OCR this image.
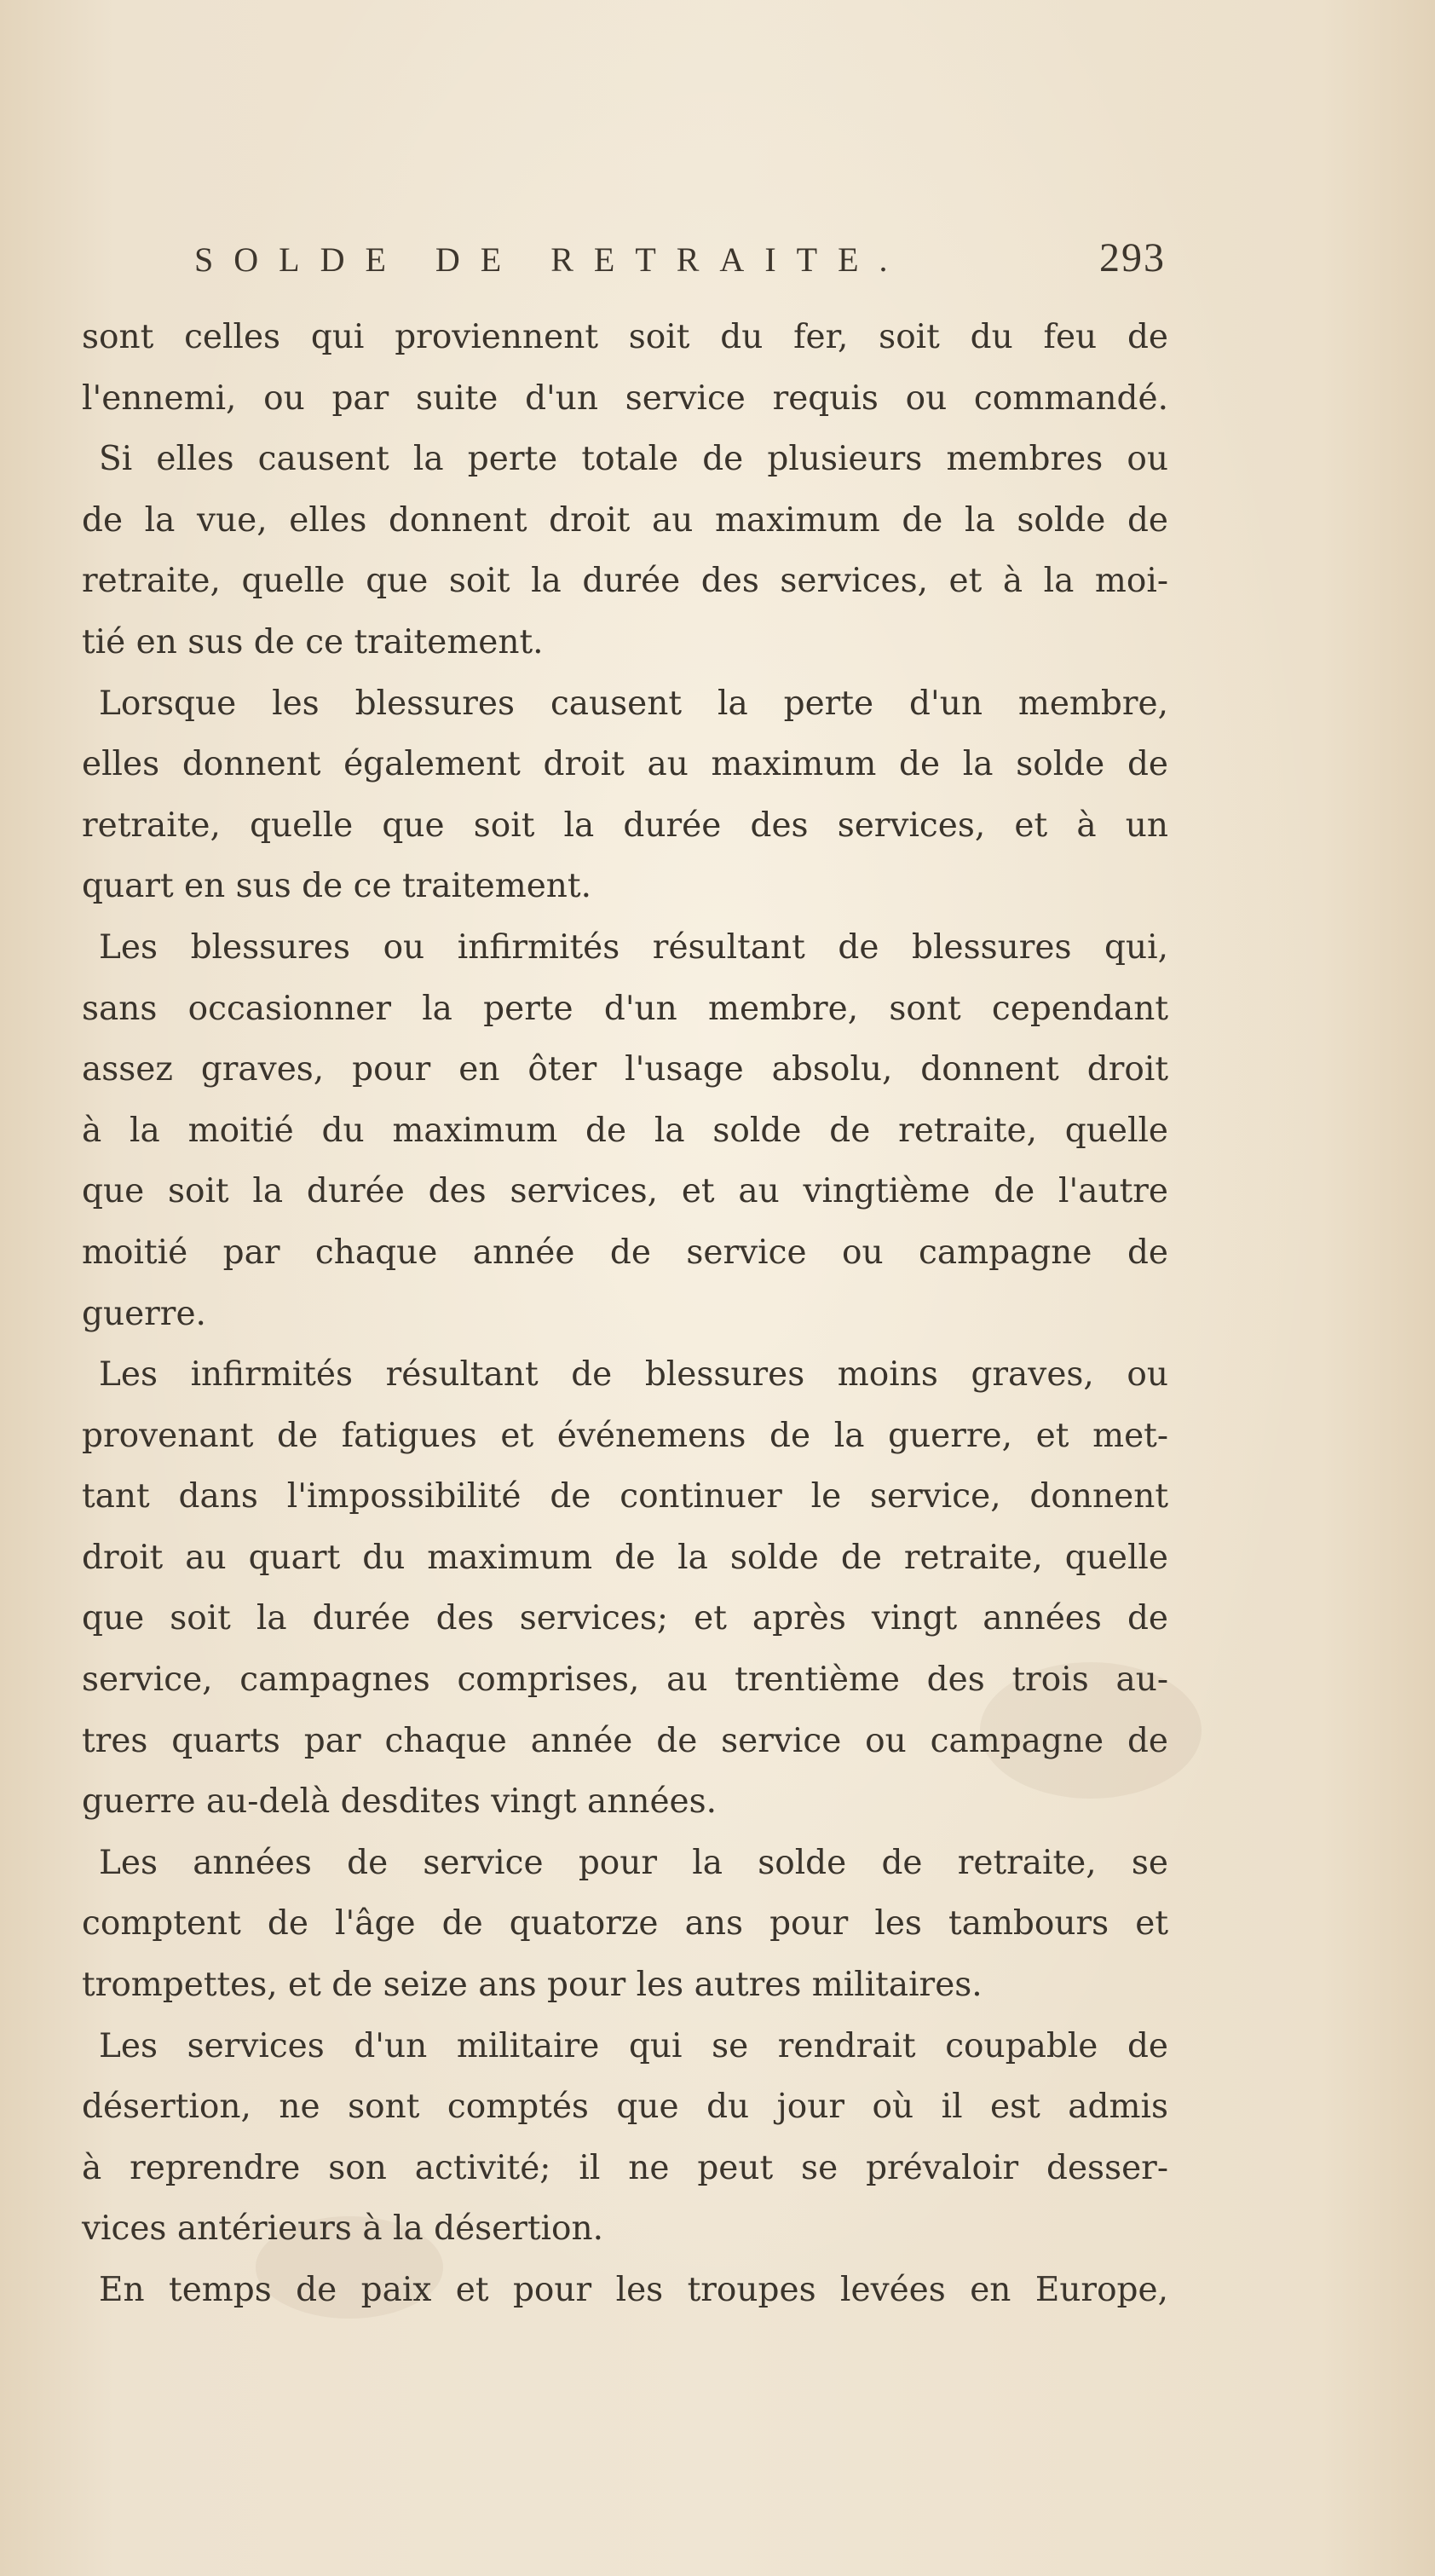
SOLDE DE RETRAITE.	293
sont celles qui proviennent soit du fer, soit du feu de
l'ennemi, ou par suite d'un service requis ou commandé.
Si elles causent la perte totale de plusieurs membres ou
de la vue, elles donnent droit au maximum de la solde de
retraite, quelle que soit la durée des services, et à la moi-
tié en sus de ce traitement.
Lorsque les blessures causent la perte d'un membre,
elles donnent également droit au maximum de la solde de
retraite, quelle que soit la durée des services, et à un
quart en sus de ce traitement.
Les blessures ou infirmités résultant de blessures qui,
sans occasionner la perte d'un membre, sont cependant
assez graves, pour en ôter l'usage absolu, donnent droit
à la moitié du maximum de la solde de retraite, quelle
que soit la durée des services, et au vingtième de l'autre
moitié par chaque année de service ou campagne de
guerre.
Les infirmités résultant de blessures moins graves, ou
provenant de fatigues et événemens de la guerre, et met-
tant dans l'impossibilité de continuer le service, donnent
droit au quart du maximum de la solde de retraite, quelle
que soit la durée des services; et après vingt années de
service, campagnes comprises, au trentième des trois au-
tres quarts par chaque année de service ou campagne de
guerre au-delà desdites vingt années.
Les années de service pour la solde de retraite, se
comptent de l'âge de quatorze ans pour les tambours et
trompettes, et de seize ans pour les autres militaires.
Les services d'un militaire qui se rendrait coupable de
désertion, ne sont comptés que du jour où il est admis
à reprendre son activité; il ne peut se prévaloir desser-
vices antérieurs à la désertion.
En temps de paix et pour les troupes levées en Europe,
